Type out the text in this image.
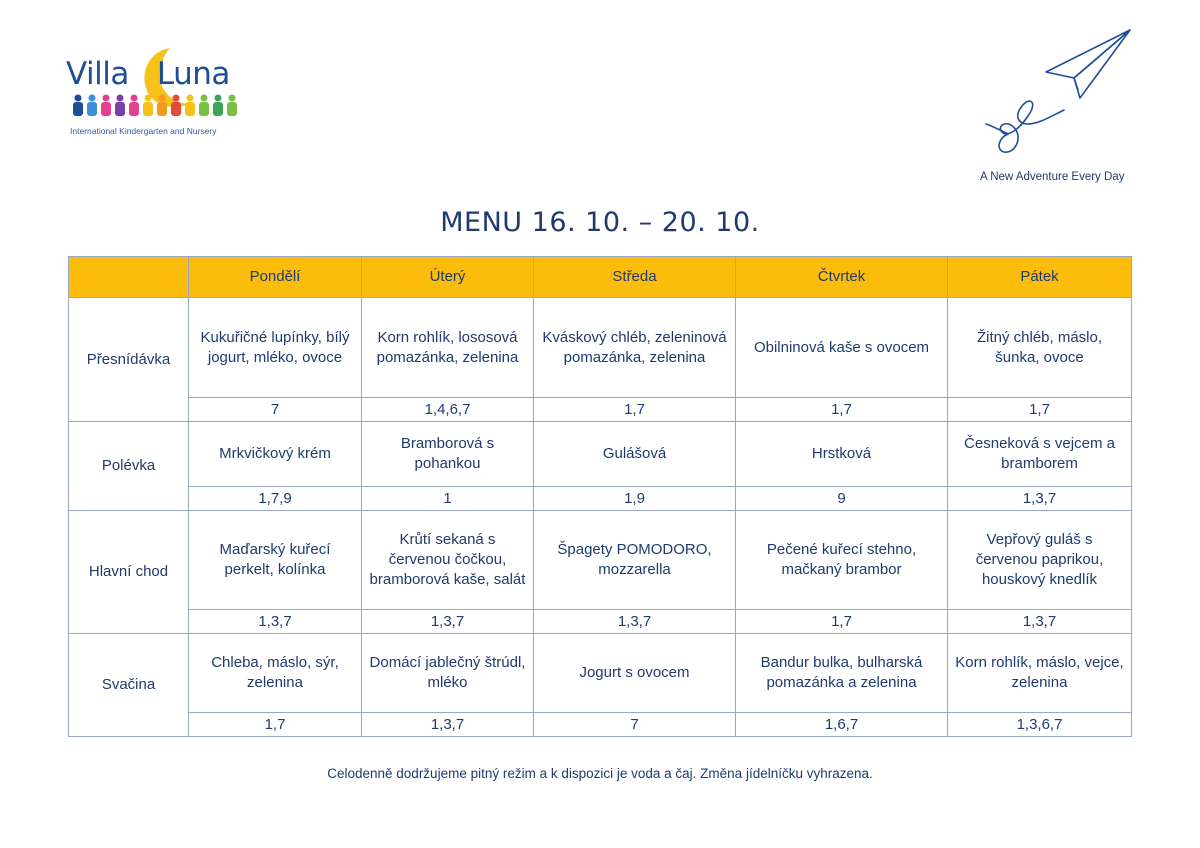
Villa Luna
International Kindergarten and Nursery
A New Adventure Every Day
MENU 16. 10. – 20. 10.
	Pondělí	Úterý	Středa	Čtvrtek	Pátek
Přesnídávka	Kukuřičné lupínky, bílý jogurt, mléko, ovoce	Korn rohlík, lososová pomazánka, zelenina	Kváskový chléb, zeleninová pomazánka, zelenina	Obilninová kaše s ovocem	Žitný chléb, máslo, šunka, ovoce
	7	1,4,6,7	1,7	1,7	1,7
Polévka	Mrkvičkový krém	Bramborová s pohankou	Gulášová	Hrstková	Česneková s vejcem a bramborem
	1,7,9	1	1,9	9	1,3,7
Hlavní chod	Maďarský kuřecí perkelt, kolínka	Krůtí sekaná s červenou čočkou, bramborová kaše, salát	Špagety POMODORO, mozzarella	Pečené kuřecí stehno, mačkaný brambor	Vepřový guláš s červenou paprikou, houskový knedlík
	1,3,7	1,3,7	1,3,7	1,7	1,3,7
Svačina	Chleba, máslo, sýr, zelenina	Domácí jablečný štrúdl, mléko	Jogurt s ovocem	Bandur bulka, bulharská pomazánka a zelenina	Korn rohlík, máslo, vejce, zelenina
	1,7	1,3,7	7	1,6,7	1,3,6,7
Celodenně dodržujeme pitný režim a k dispozici je voda a čaj. Změna jídelníčku vyhrazena.
